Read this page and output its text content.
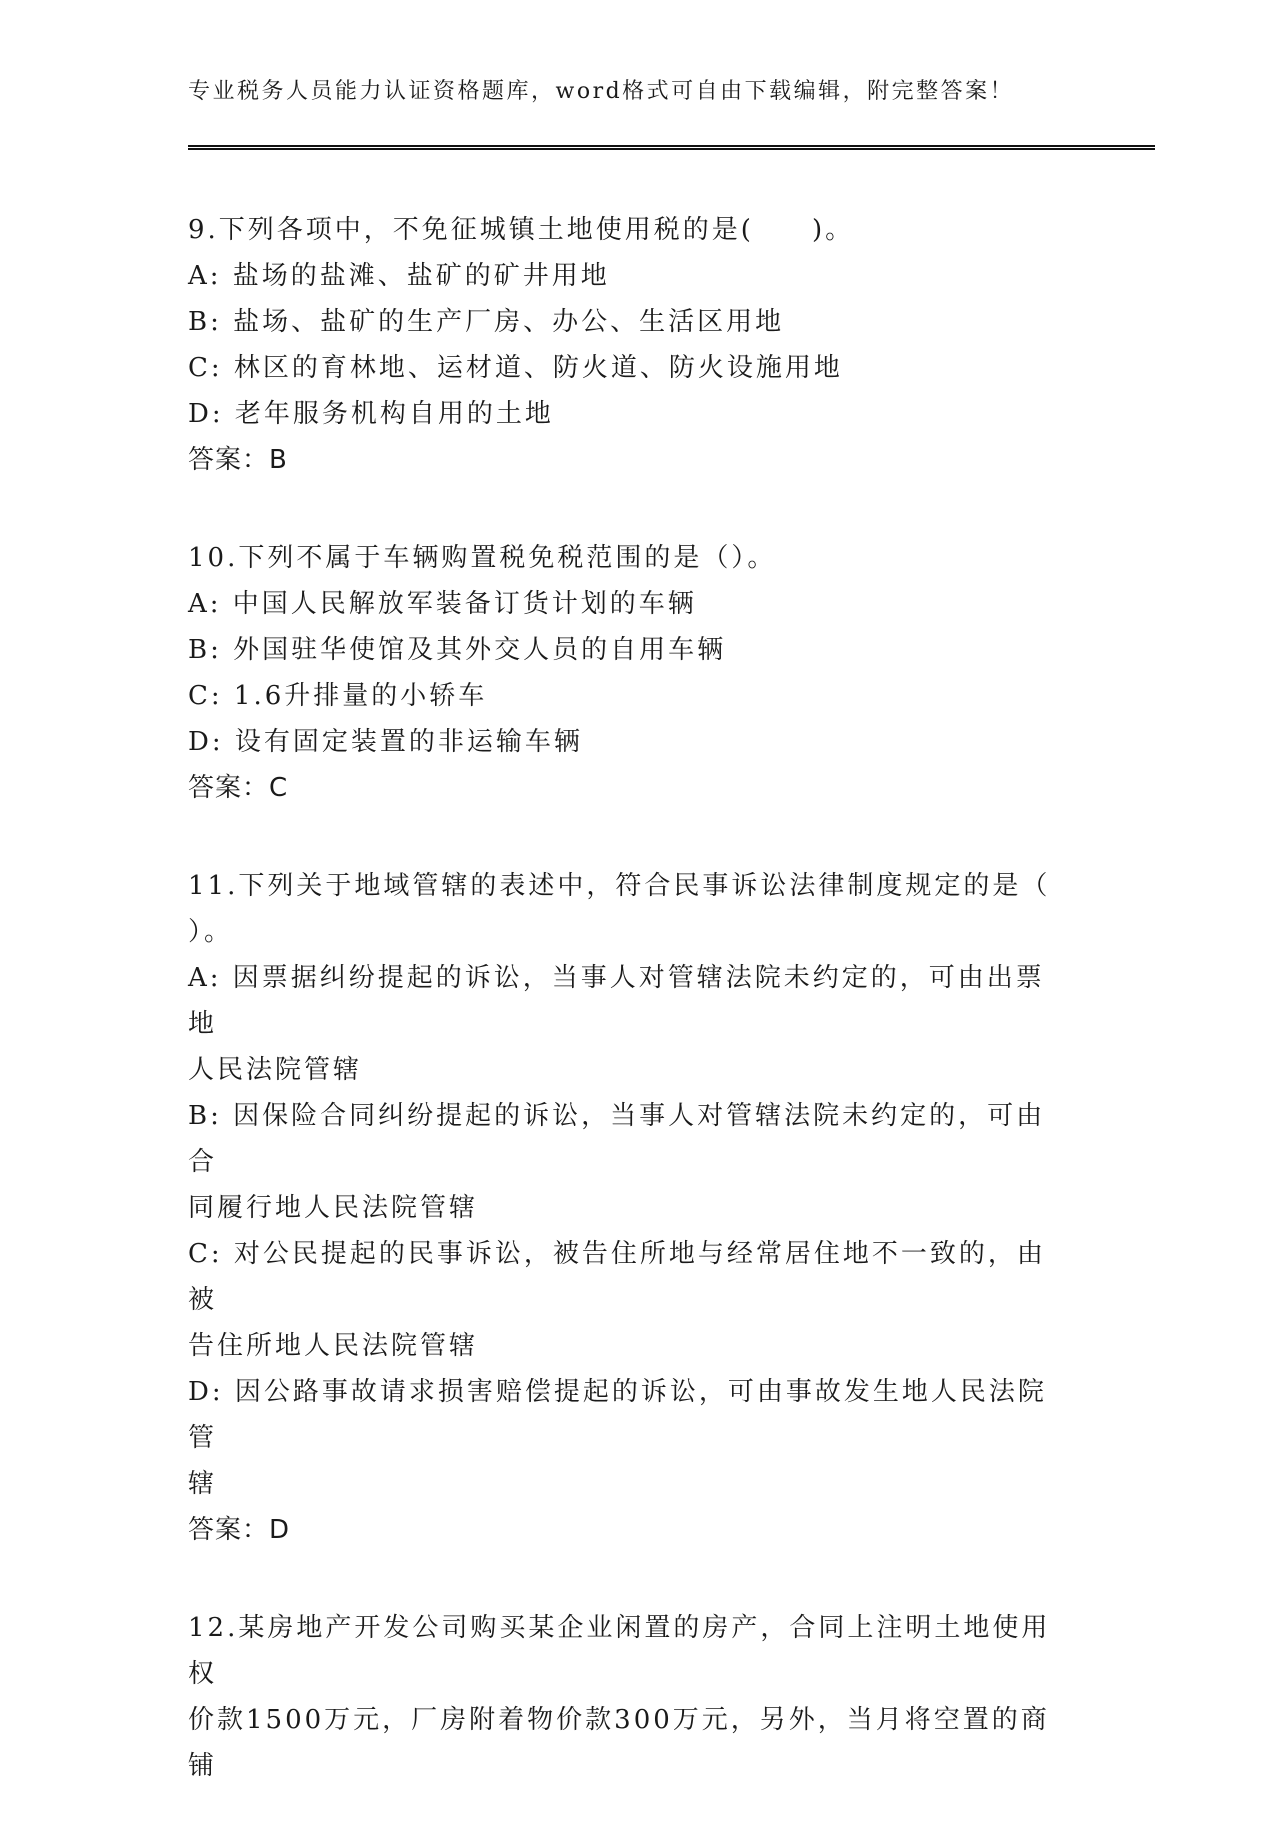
专业税务人员能力认证资格题库，word格式可自由下载编辑，附完整答案！
9.下列各项中，不免征城镇土地使用税的是(　　)。
A: 盐场的盐滩、盐矿的矿井用地
B: 盐场、盐矿的生产厂房、办公、生活区用地
C: 林区的育林地、运材道、防火道、防火设施用地
D: 老年服务机构自用的土地
答案：B
10.下列不属于车辆购置税免税范围的是（）。
A: 中国人民解放军装备订货计划的车辆
B: 外国驻华使馆及其外交人员的自用车辆
C: 1.6升排量的小轿车
D: 设有固定装置的非运输车辆
答案：C
11.下列关于地域管辖的表述中，符合民事诉讼法律制度规定的是（
）。
A: 因票据纠纷提起的诉讼，当事人对管辖法院未约定的，可由出票地
人民法院管辖
B: 因保险合同纠纷提起的诉讼，当事人对管辖法院未约定的，可由合
同履行地人民法院管辖
C: 对公民提起的民事诉讼，被告住所地与经常居住地不一致的，由被
告住所地人民法院管辖
D: 因公路事故请求损害赔偿提起的诉讼，可由事故发生地人民法院管
辖
答案：D
12.某房地产开发公司购买某企业闲置的房产，合同上注明土地使用权
价款1500万元，厂房附着物价款300万元，另外，当月将空置的商铺
